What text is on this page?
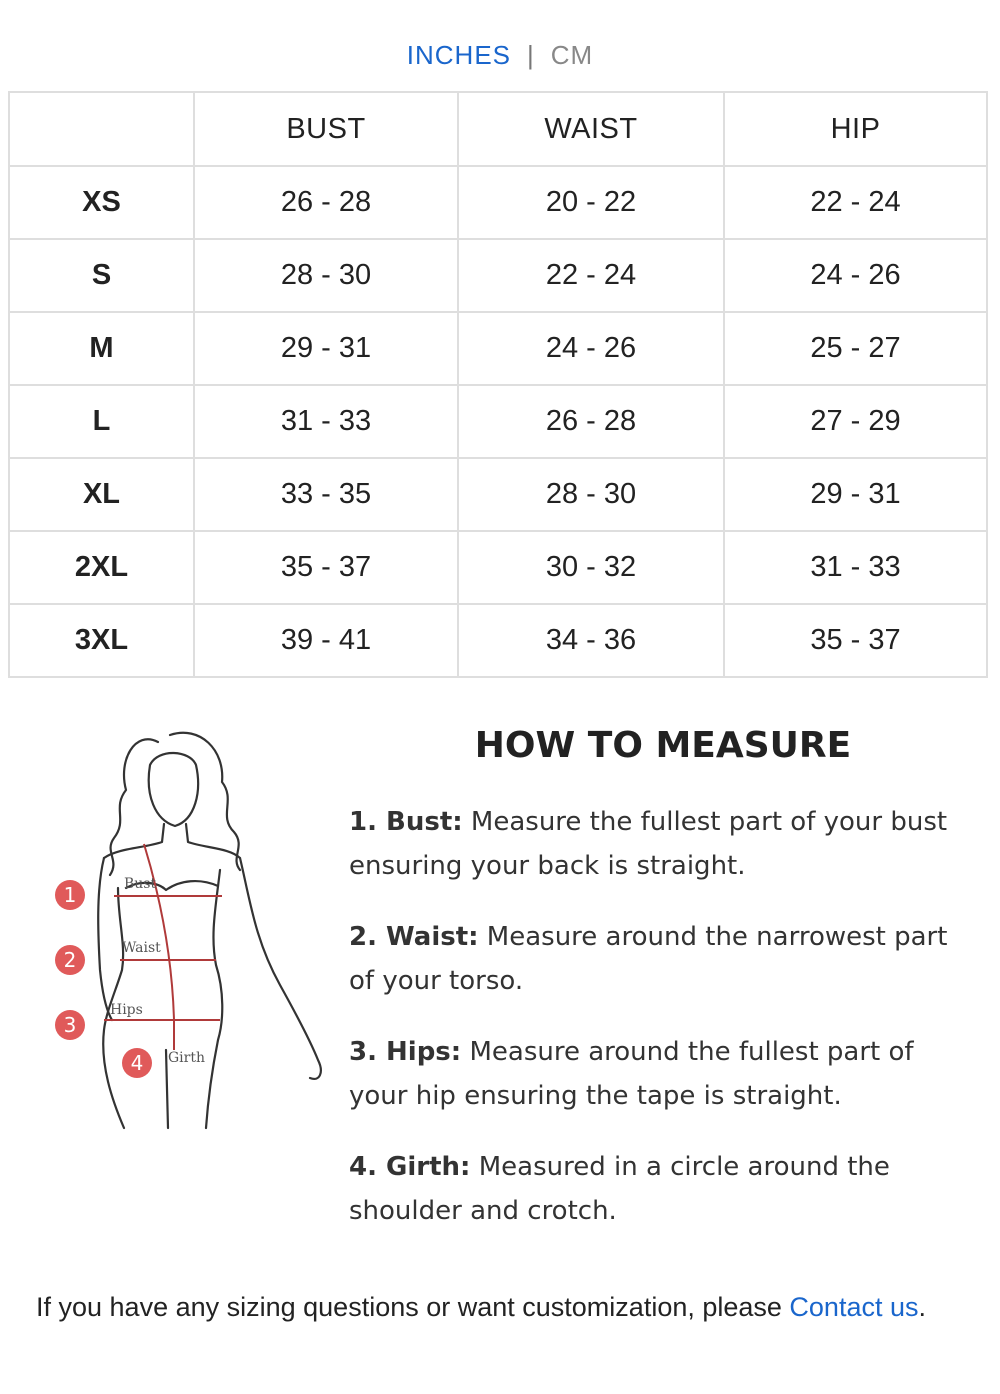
INCHES | CM
	BUST	WAIST	HIP
XS	26 - 28	20 - 22	22 - 24
S	28 - 30	22 - 24	24 - 26
M	29 - 31	24 - 26	25 - 27
L	31 - 33	26 - 28	27 - 29
XL	33 - 35	28 - 30	29 - 31
2XL	35 - 37	30 - 32	31 - 33
3XL	39 - 41	34 - 36	35 - 37
Bust
Waist
Hips
Girth
1
2
3
4
HOW TO MEASURE
1. Bust: Measure the fullest part of your bust ensuring your back is straight.
2. Waist: Measure around the narrowest part of your torso.
3. Hips: Measure around the fullest part of your hip ensuring the tape is straight.
4. Girth: Measured in a circle around the shoulder and crotch.
If you have any sizing questions or want customization, please Contact us.
